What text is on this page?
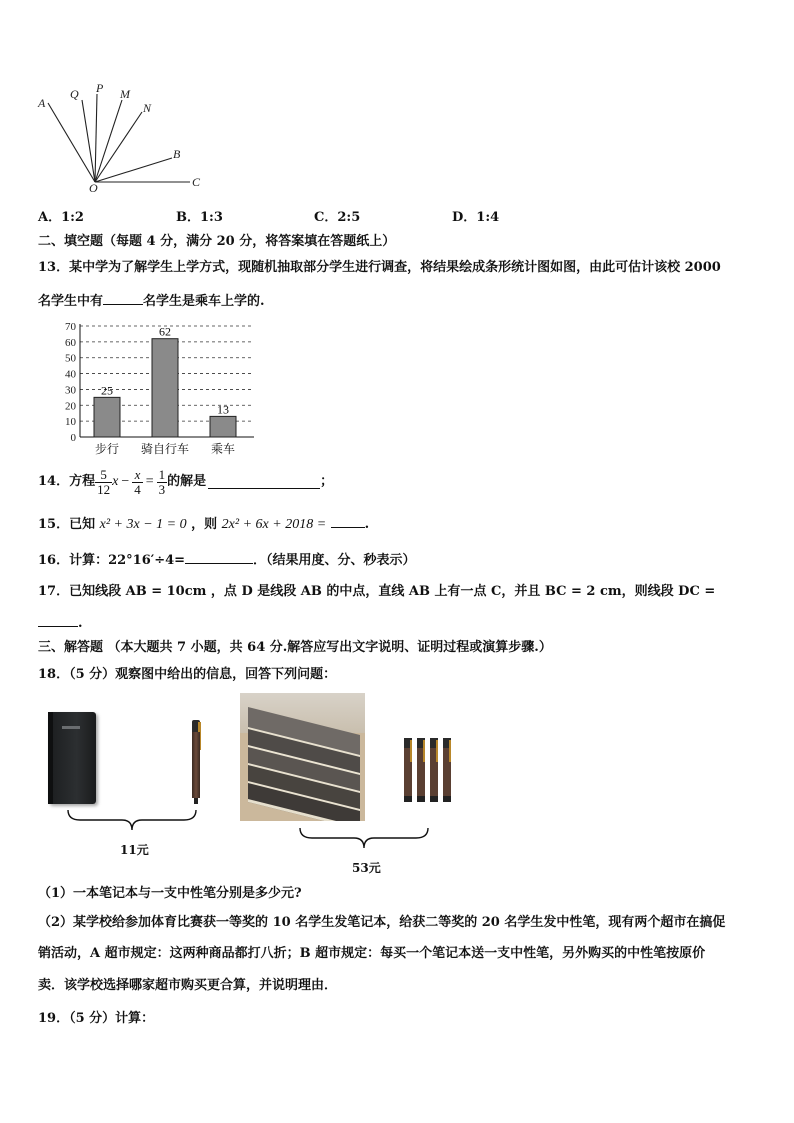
A
Q P M
N
B
O	C
A．1:2	B．1:3	C．2:5	D．1:4
二、填空题（每题 4 分，满分 20 分，将答案填在答题纸上）
13．某中学为了解学生上学方式，现随机抽取部分学生进行调查，将结果绘成条形统计图如图，由此可估计该校 2000
名学生中有	名学生是乘车上学的.
0
10
20
30
40
50
60
70
25
步行
62
骑自行车
13
乘车
14．方程 $\frac{5}{12}$ $x - \frac{x}{4} = \frac{1}{3}$ 的解是	；
15．已知 x² + 3x − 1 = 0 ，则 2x² + 6x + 2018 =	.
16．计算：22°16′÷4=	．（结果用度、分、秒表示）
17．已知线段 AB = 10cm ，点 D 是线段 AB 的中点，直线 AB 上有一点 C，并且 BC = 2 cm，则线段 DC =
.
三、解答题 （本大题共 7 小题，共 64 分.解答应写出文字说明、证明过程或演算步骤.）
18．（5 分）观察图中给出的信息，回答下列问题：
11元
53元
（1）一本笔记本与一支中性笔分别是多少元?
（2）某学校给参加体育比赛获一等奖的 10 名学生发笔记本，给获二等奖的 20 名学生发中性笔，现有两个超市在搞促
销活动，A 超市规定：这两种商品都打八折；B 超市规定：每买一个笔记本送一支中性笔，另外购买的中性笔按原价
卖．该学校选择哪家超市购买更合算，并说明理由．
19．（5 分）计算：
